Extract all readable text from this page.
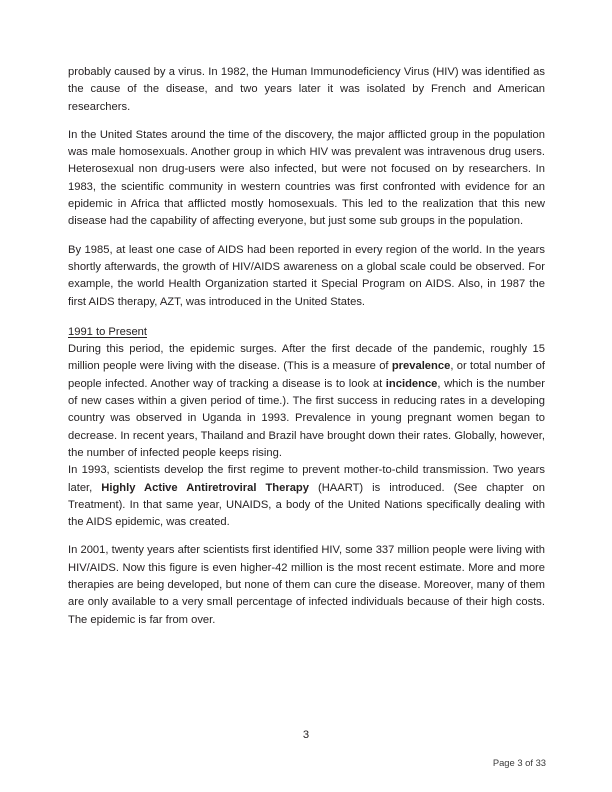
probably caused by a virus. In 1982, the Human Immunodeficiency Virus (HIV) was identified as the cause of the disease, and two years later it was isolated by French and American researchers.

In the United States around the time of the discovery, the major afflicted group in the population was male homosexuals. Another group in which HIV was prevalent was intravenous drug users. Heterosexual non drug-users were also infected, but were not focused on by researchers. In 1983, the scientific community in western countries was first confronted with evidence for an epidemic in Africa that afflicted mostly homosexuals. This led to the realization that this new disease had the capability of affecting everyone, but just some sub groups in the population.

By 1985, at least one case of AIDS had been reported in every region of the world. In the years shortly afterwards, the growth of HIV/AIDS awareness on a global scale could be observed. For example, the world Health Organization started it Special Program on AIDS. Also, in 1987 the first AIDS therapy, AZT, was introduced in the United States.

1991 to Present

During this period, the epidemic surges. After the first decade of the pandemic, roughly 15 million people were living with the disease. (This is a measure of prevalence, or total number of people infected. Another way of tracking a disease is to look at incidence, which is the number of new cases within a given period of time.). The first success in reducing rates in a developing country was observed in Uganda in 1993. Prevalence in young pregnant women began to decrease. In recent years, Thailand and Brazil have brought down their rates. Globally, however, the number of infected people keeps rising.

In 1993, scientists develop the first regime to prevent mother-to-child transmission. Two years later, Highly Active Antiretroviral Therapy (HAART) is introduced. (See chapter on Treatment). In that same year, UNAIDS, a body of the United Nations specifically dealing with the AIDS epidemic, was created.

In 2001, twenty years after scientists first identified HIV, some 337 million people were living with HIV/AIDS. Now this figure is even higher-42 million is the most recent estimate. More and more therapies are being developed, but none of them can cure the disease. Moreover, many of them are only available to a very small percentage of infected individuals because of their high costs. The epidemic is far from over.

3
Page 3 of 33
